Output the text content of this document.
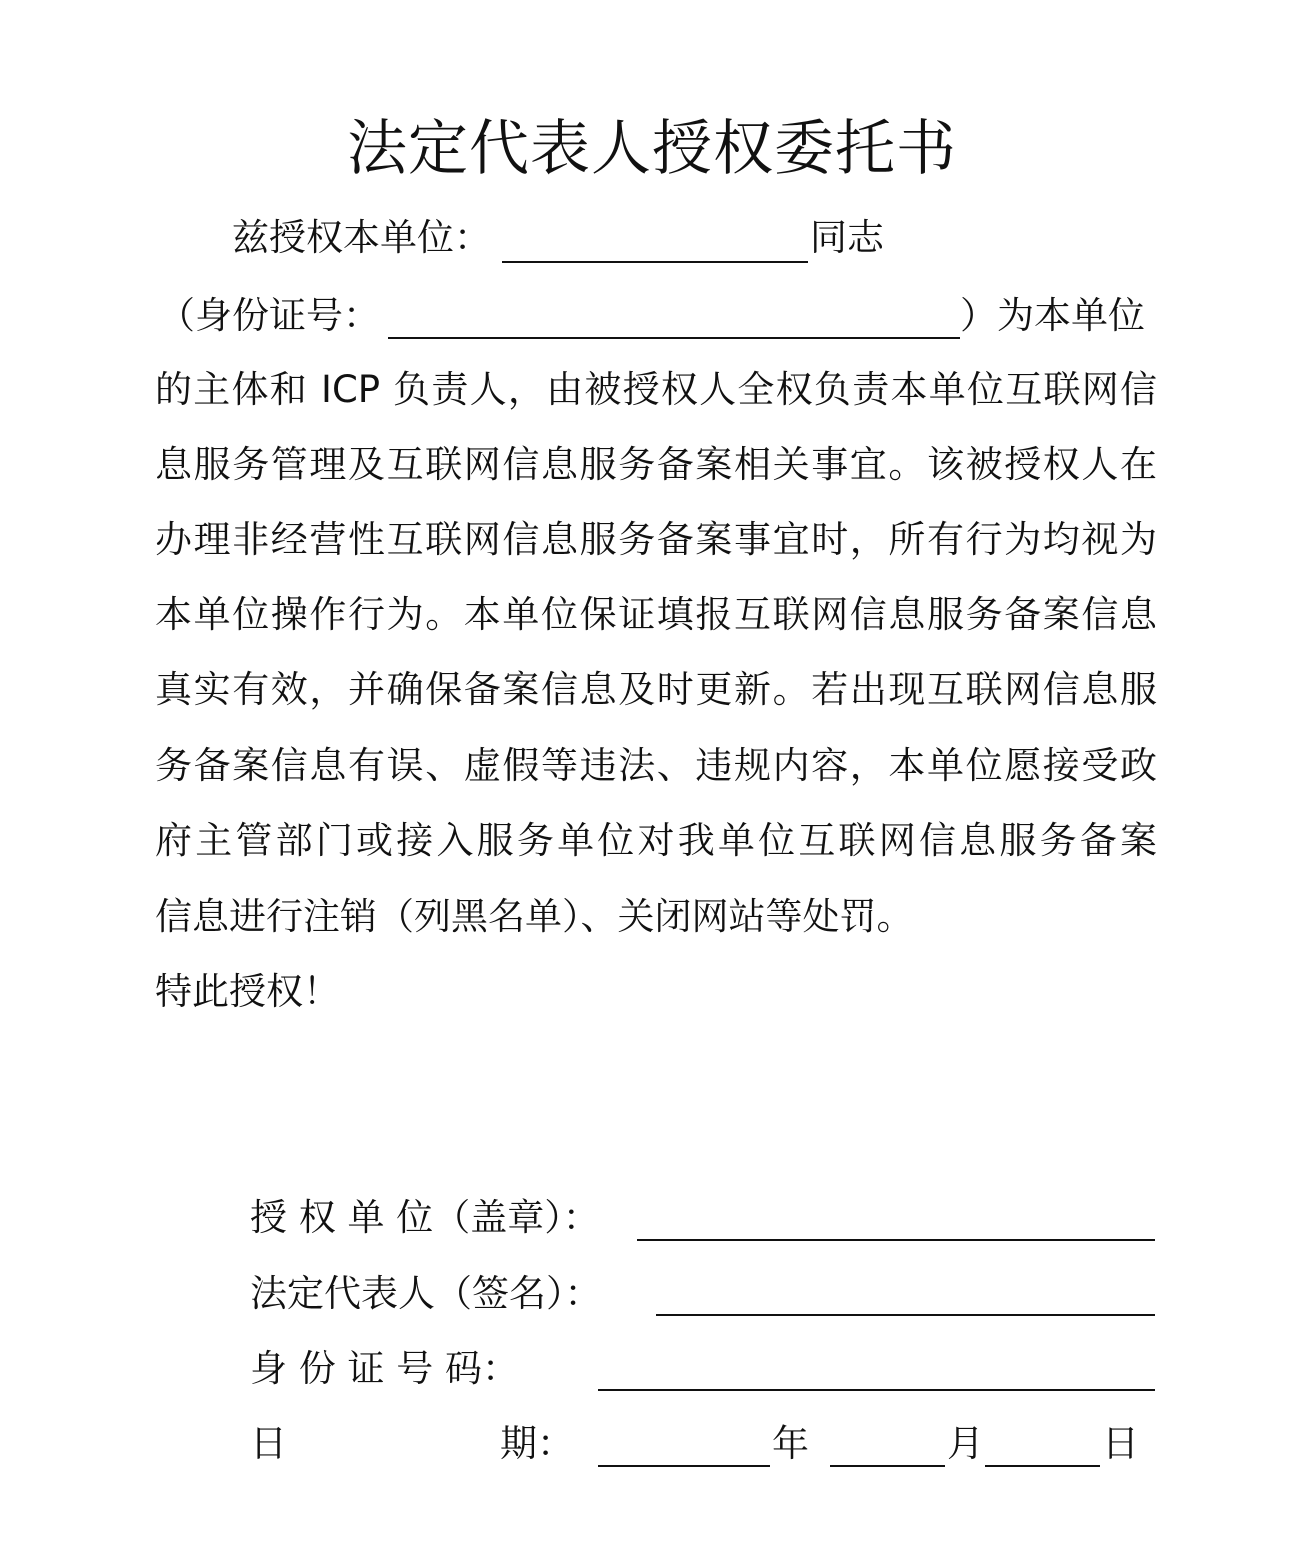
法定代表人授权委托书
兹授权本单位：	同志
（身份证号：	）为本单位
的主体和 ICP 负责人，由被授权人全权负责本单位互联网信
息服务管理及互联网信息服务备案相关事宜。该被授权人在
办理非经营性互联网信息服务备案事宜时，所有行为均视为
本单位操作行为。本单位保证填报互联网信息服务备案信息
真实有效，并确保备案信息及时更新。若出现互联网信息服
务备案信息有误、虚假等违法、违规内容，本单位愿接受政
府主管部门或接入服务单位对我单位互联网信息服务备案
信息进行注销（列黑名单）、关闭网站等处罚。
特此授权！
授 权 单 位（盖章）：
法定代表人（签名）：
身 份 证 号 码：
日	期：	年	月	日
